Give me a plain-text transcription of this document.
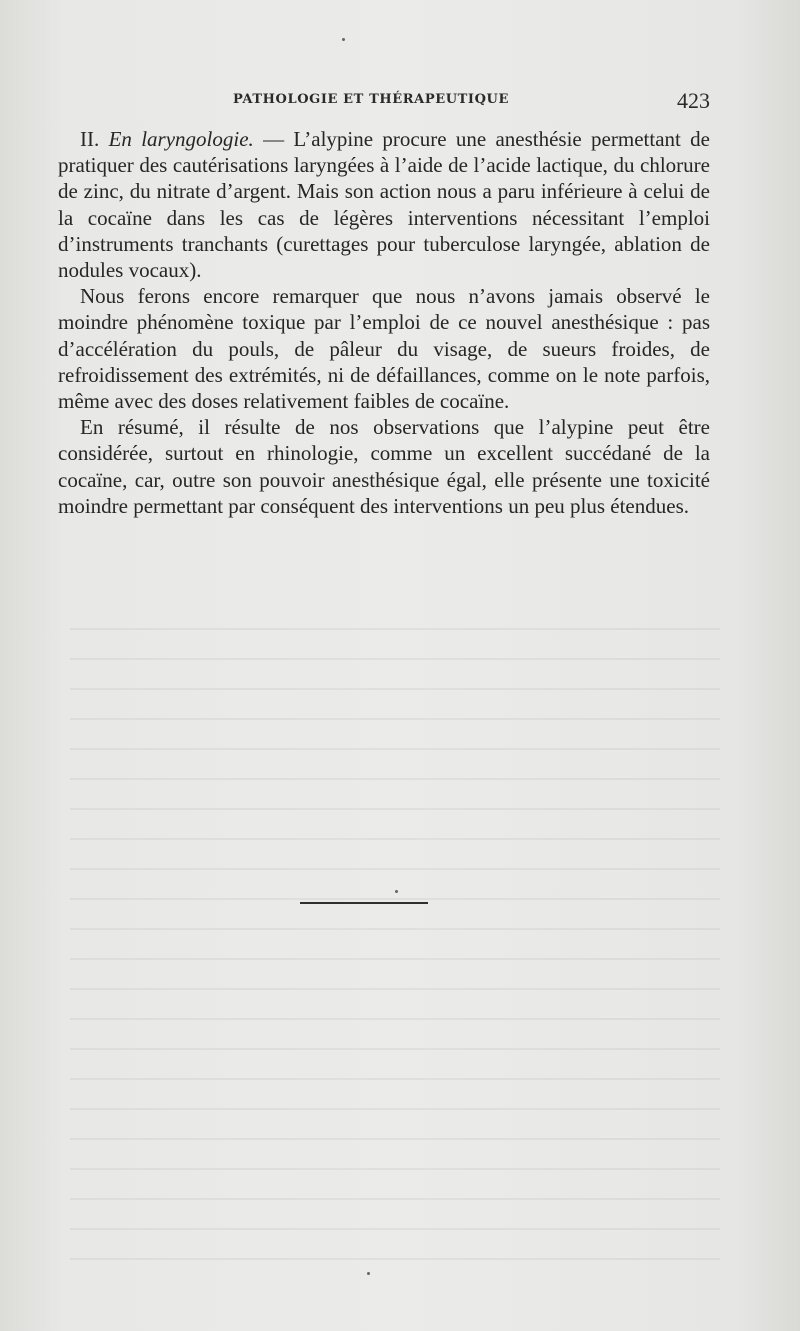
PATHOLOGIE ET THÉRAPEUTIQUE	423

II. En laryngologie. — L’alypine procure une anesthésie permettant de pratiquer des cautérisations laryngées à l’aide de l’acide lactique, du chlorure de zinc, du nitrate d’argent. Mais son action nous a paru inférieure à celui de la cocaïne dans les cas de légères interventions nécessitant l’emploi d’instruments tranchants (curettages pour tuberculose laryngée, ablation de nodules vocaux).

Nous ferons encore remarquer que nous n’avons jamais observé le moindre phénomène toxique par l’emploi de ce nouvel anesthésique : pas d’accélération du pouls, de pâleur du visage, de sueurs froides, de refroidissement des extrémités, ni de défaillances, comme on le note parfois, même avec des doses relativement faibles de cocaïne.

En résumé, il résulte de nos observations que l’alypine peut être considérée, surtout en rhinologie, comme un excellent succédané de la cocaïne, car, outre son pouvoir anesthésique égal, elle présente une toxicité moindre permettant par conséquent des interventions un peu plus étendues.
